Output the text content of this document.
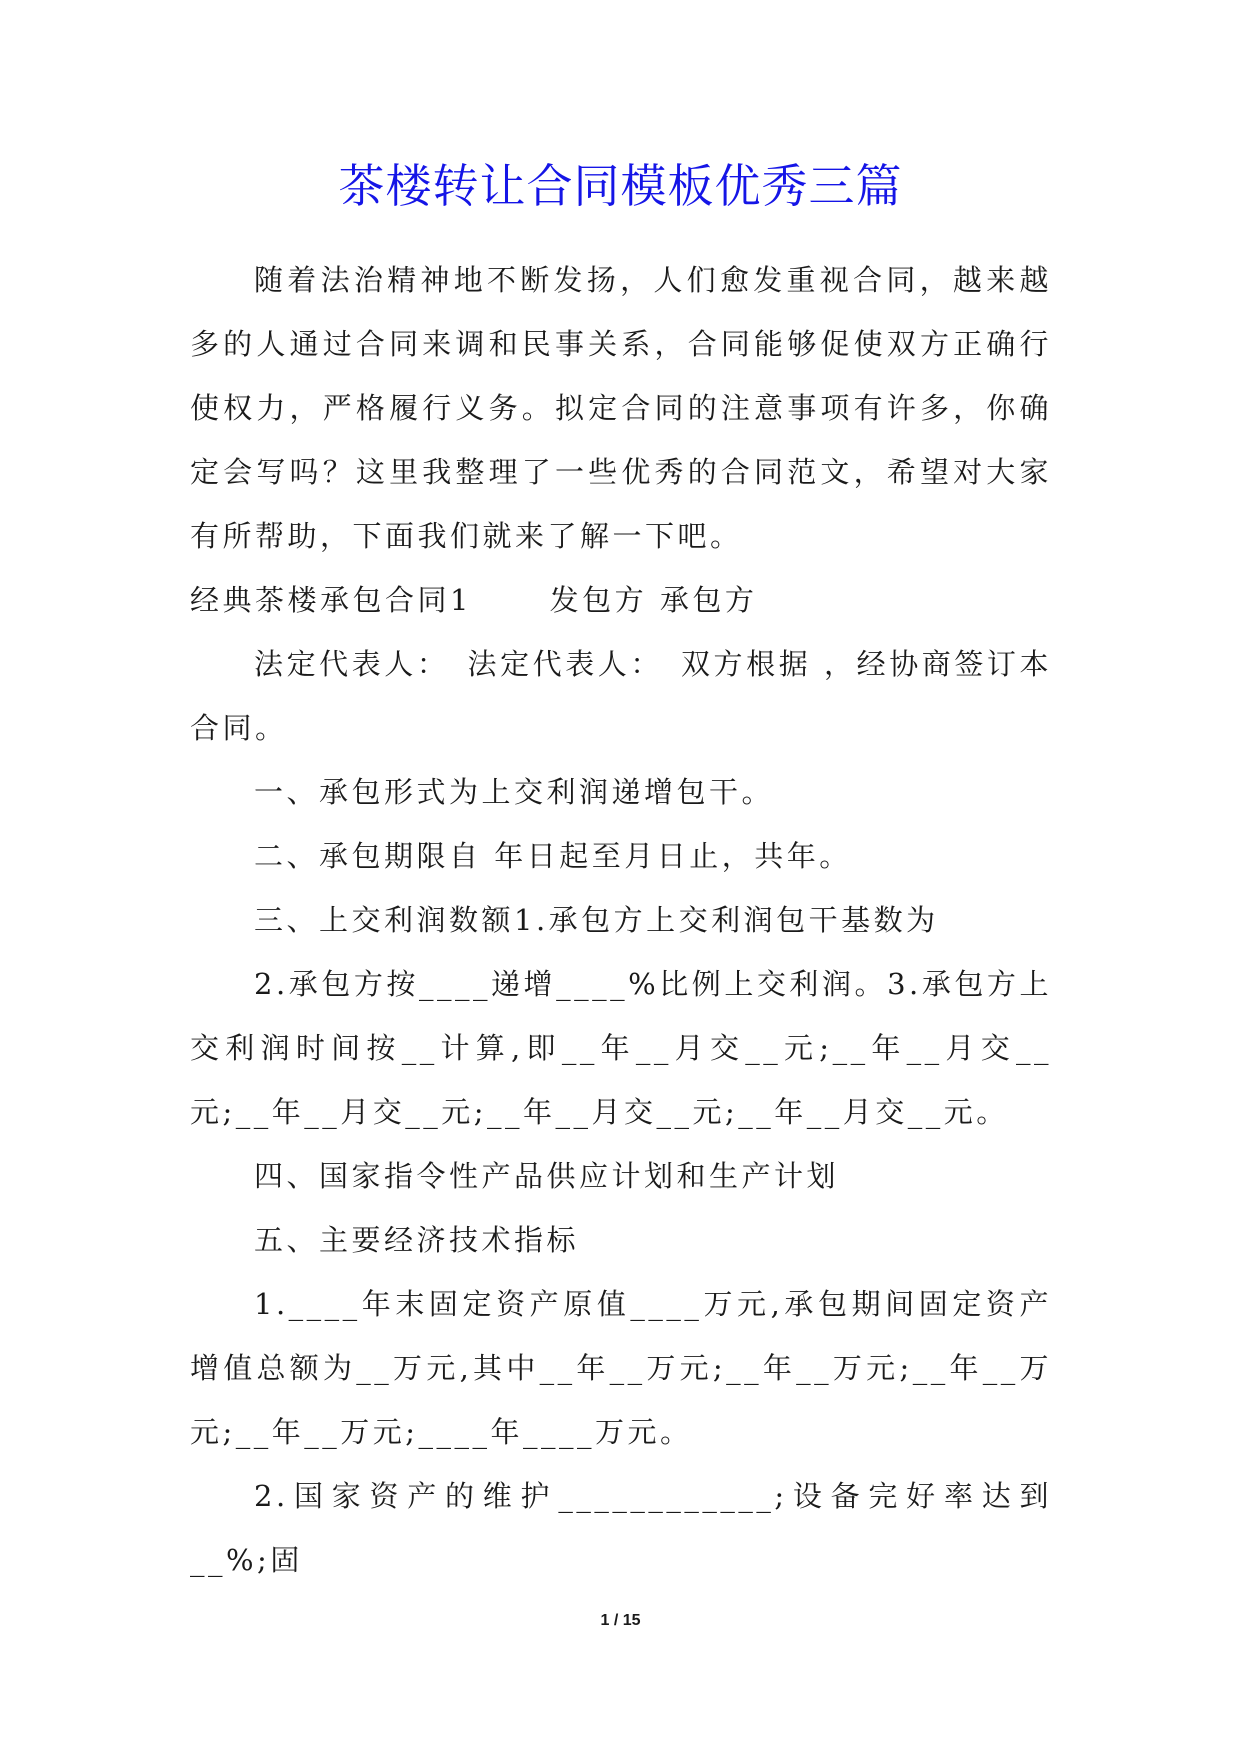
茶楼转让合同模板优秀三篇

随着法治精神地不断发扬，人们愈发重视合同，越来越多的人通过合同来调和民事关系，合同能够促使双方正确行使权力，严格履行义务。拟定合同的注意事项有许多，你确定会写吗？这里我整理了一些优秀的合同范文，希望对大家有所帮助，下面我们就来了解一下吧。

经典茶楼承包合同1　　 发包方 承包方

法定代表人：　法定代表人：　双方根据 ，经协商签订本合同。

一、承包形式为上交利润递增包干。

二、承包期限自 年日起至月日止，共年。

三、上交利润数额1.承包方上交利润包干基数为

2.承包方按____递增____%比例上交利润。3.承包方上交利润时间按__计算,即__年__月交__元;__年__月交__元;__年__月交__元;__年__月交__元;__年__月交__元。

四、国家指令性产品供应计划和生产计划

五、主要经济技术指标

1.____年末固定资产原值____万元,承包期间固定资产增值总额为__万元,其中__年__万元;__年__万元;__年__万元;__年__万元;____年____万元。

2.国家资产的维护____________;设备完好率达到__%;固

1 / 15
